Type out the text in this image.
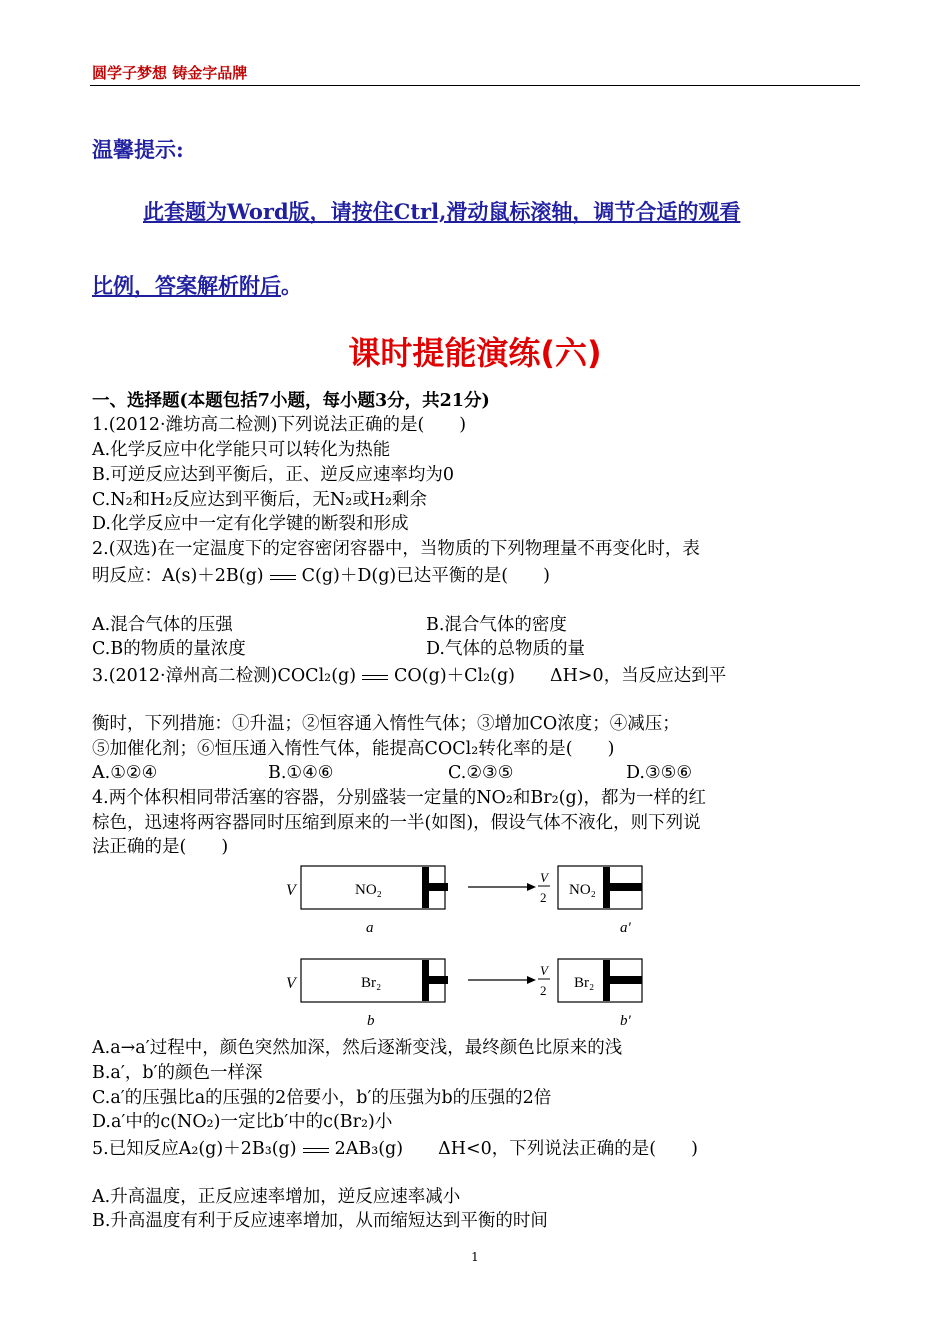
圆学子梦想 铸金字品牌
温馨提示:
此套题为Word版，请按住Ctrl,滑动鼠标滚轴，调节合适的观看
比例，答案解析附后。
课时提能演练(六)
一、选择题(本题包括7小题，每小题3分，共21分)
1.(2012·潍坊高二检测)下列说法正确的是(　　)
A.化学反应中化学能只可以转化为热能
B.可逆反应达到平衡后，正、逆反应速率均为0
C.N₂和H₂反应达到平衡后，无N₂或H₂剩余
D.化学反应中一定有化学键的断裂和形成
2.(双选)在一定温度下的定容密闭容器中，当物质的下列物理量不再变化时，表
明反应：A(s)＋2B(g) C(g)＋D(g)已达平衡的是(　　)
A.混合气体的压强	B.混合气体的密度
C.B的物质的量浓度	D.气体的总物质的量
3.(2012·漳州高二检测)COCl₂(g) CO(g)＋Cl₂(g)　　ΔH>0，当反应达到平
衡时，下列措施：①升温；②恒容通入惰性气体；③增加CO浓度；④减压；
⑤加催化剂；⑥恒压通入惰性气体，能提高COCl₂转化率的是(　　)
A.①②④	B.①④⑥	C.②③⑤	D.③⑤⑥
4.两个体积相同带活塞的容器，分别盛装一定量的NO₂和Br₂(g)，都为一样的红
棕色，迅速将两容器同时压缩到原来的一半(如图)，假设气体不液化，则下列说
法正确的是(　　)
V	NO₂
V
2 NO₂
a	a′
V	Br₂
V
2 Br₂
b	b′
A.a→a′过程中，颜色突然加深，然后逐渐变浅，最终颜色比原来的浅
B.a′，b′的颜色一样深
C.a′的压强比a的压强的2倍要小，b′的压强为b的压强的2倍
D.a′中的c(NO₂)一定比b′中的c(Br₂)小
5.已知反应A₂(g)＋2B₃(g) 2AB₃(g)　　ΔH<0，下列说法正确的是(　　)
A.升高温度，正反应速率增加，逆反应速率减小
B.升高温度有利于反应速率增加，从而缩短达到平衡的时间
1
